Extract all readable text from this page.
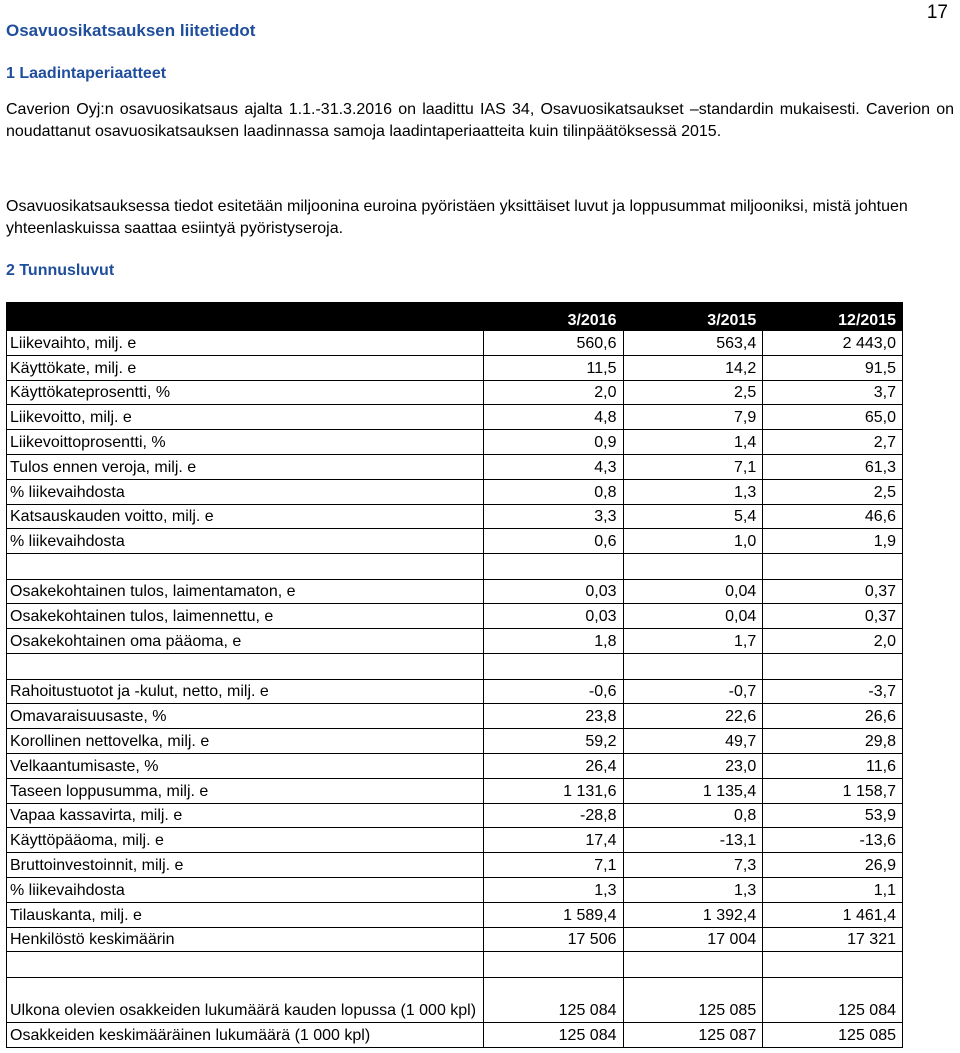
17
Osavuosikatsauksen liitetiedot
1 Laadintaperiaatteet

Caverion Oyj:n osavuosikatsaus ajalta 1.1.-31.3.2016 on laadittu IAS 34, Osavuosikatsaukset –standardin mukaisesti. Caverion on noudattanut osavuosikatsauksen laadinnassa samoja laadintaperiaatteita kuin tilinpäätöksessä 2015.

Osavuosikatsauksessa tiedot esitetään miljoonina euroina pyöristäen yksittäiset luvut ja loppusummat miljooniksi, mistä johtuen yhteenlaskuissa saattaa esiintyä pyöristyseroja.

2 Tunnusluvut
	3/2016	3/2015	12/2015
Liikevaihto, milj. e	560,6	563,4	2 443,0
Käyttökate, milj. e	11,5	14,2	91,5
Käyttökateprosentti, %	2,0	2,5	3,7
Liikevoitto, milj. e	4,8	7,9	65,0
Liikevoittoprosentti, %	0,9	1,4	2,7
Tulos ennen veroja, milj. e	4,3	7,1	61,3
% liikevaihdosta	0,8	1,3	2,5
Katsauskauden voitto, milj. e	3,3	5,4	46,6
% liikevaihdosta	0,6	1,0	1,9

Osakekohtainen tulos, laimentamaton, e	0,03	0,04	0,37
Osakekohtainen tulos, laimennettu, e	0,03	0,04	0,37
Osakekohtainen oma pääoma, e	1,8	1,7	2,0

Rahoitustuotot ja -kulut, netto, milj. e	-0,6	-0,7	-3,7
Omavaraisuusaste, %	23,8	22,6	26,6
Korollinen nettovelka, milj. e	59,2	49,7	29,8
Velkaantumisaste, %	26,4	23,0	11,6
Taseen loppusumma, milj. e	1 131,6	1 135,4	1 158,7
Vapaa kassavirta, milj. e	-28,8	0,8	53,9
Käyttöpääoma, milj. e	17,4	-13,1	-13,6
Bruttoinvestoinnit, milj. e	7,1	7,3	26,9
% liikevaihdosta	1,3	1,3	1,1
Tilauskanta, milj. e	1 589,4	1 392,4	1 461,4
Henkilöstö keskimäärin	17 506	17 004	17 321

Ulkona olevien osakkeiden lukumäärä kauden lopussa (1 000 kpl)	125 084	125 085	125 084
Osakkeiden keskimääräinen lukumäärä (1 000 kpl)	125 084	125 087	125 085
